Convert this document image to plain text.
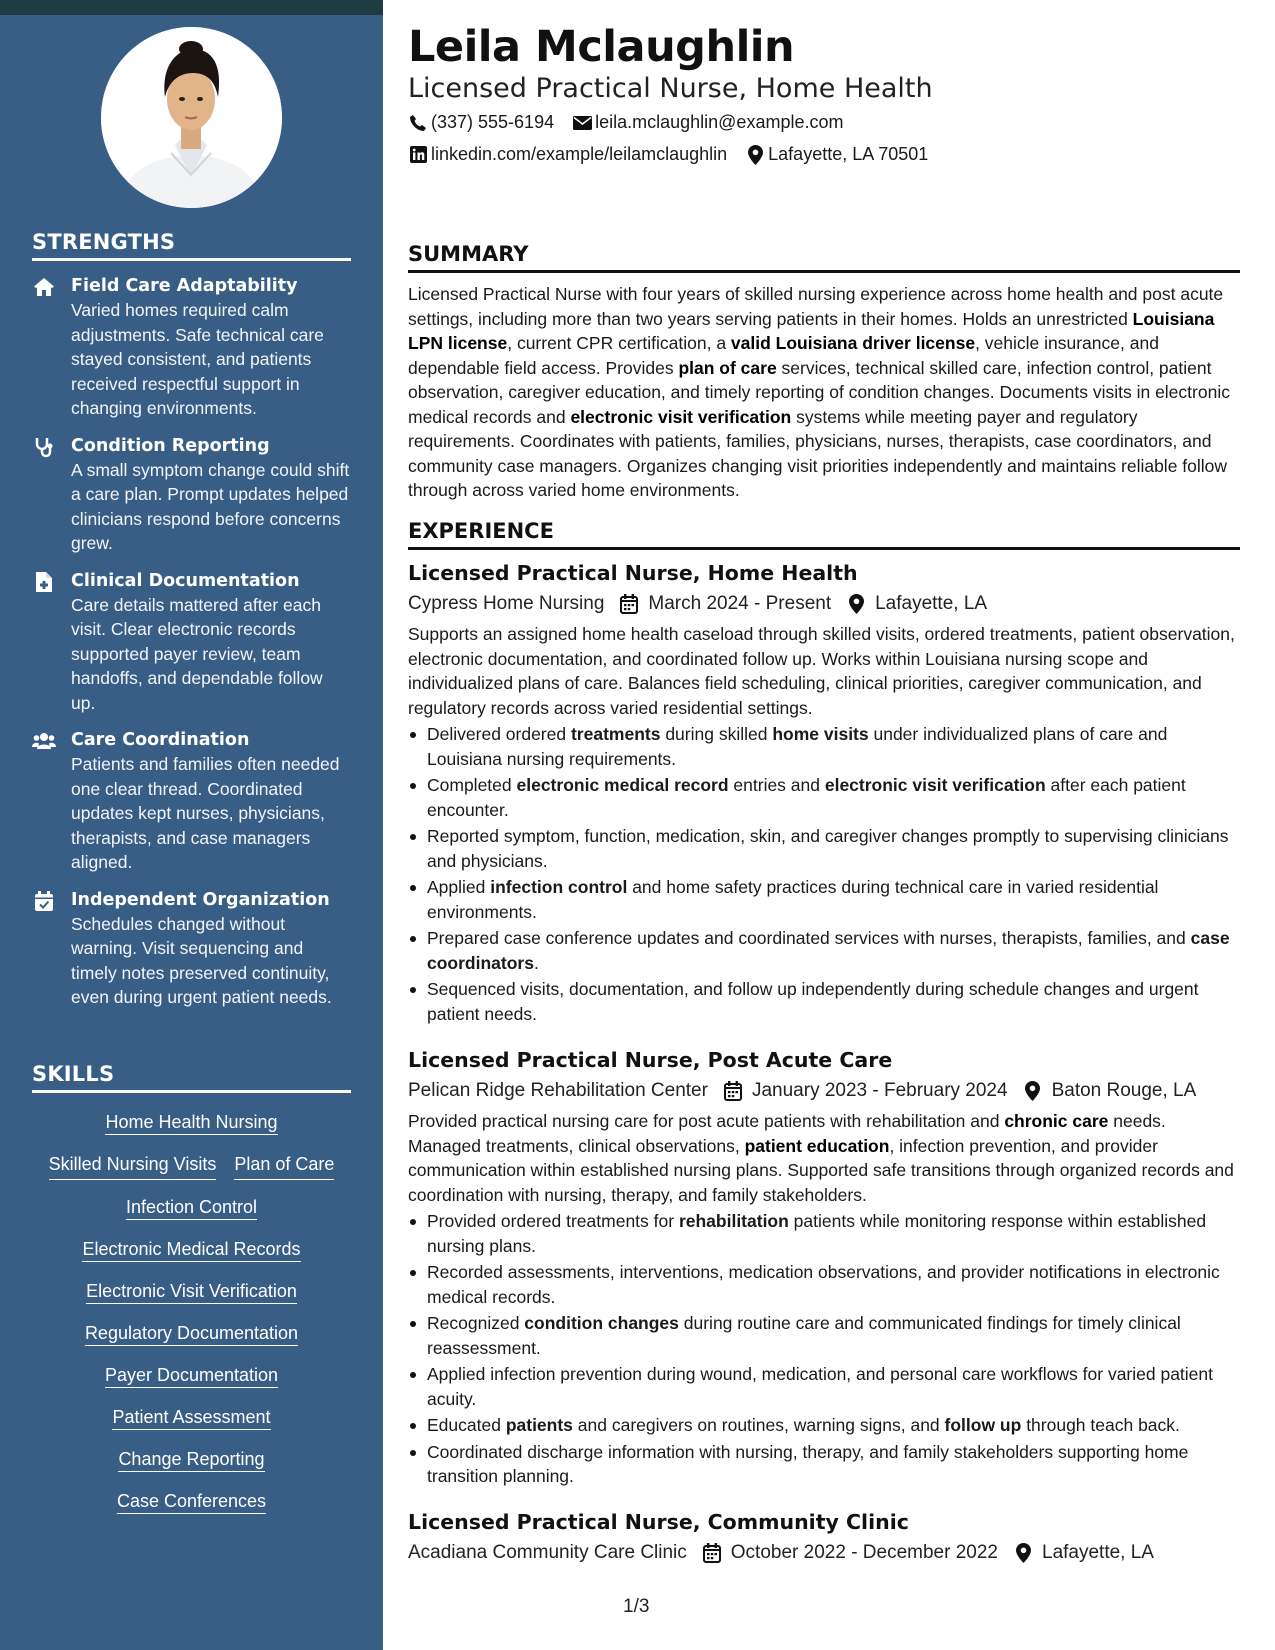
STRENGTHS
Field Care Adaptability
Varied homes required calm adjustments. Safe technical care stayed consistent, and patients received respectful support in changing environments.
Condition Reporting
A small symptom change could shift a care plan. Prompt updates helped clinicians respond before concerns grew.
Clinical Documentation
Care details mattered after each visit. Clear electronic records supported payer review, team handoffs, and dependable follow up.
Care Coordination
Patients and families often needed one clear thread. Coordinated updates kept nurses, physicians, therapists, and case managers aligned.
Independent Organization
Schedules changed without warning. Visit sequencing and timely notes preserved continuity, even during urgent patient needs.
SKILLS
Home Health Nursing
Skilled Nursing Visits Plan of Care
Infection Control
Electronic Medical Records
Electronic Visit Verification
Regulatory Documentation
Payer Documentation
Patient Assessment
Change Reporting
Case Conferences
Leila Mclaughlin
Licensed Practical Nurse, Home Health
(337) 555-6194 leila.mclaughlin@example.com
linkedin.com/example/leilamclaughlin Lafayette, LA 70501
SUMMARY
Licensed Practical Nurse with four years of skilled nursing experience across home health and post acute settings, including more than two years serving patients in their homes. Holds an unrestricted Louisiana LPN license, current CPR certification, a valid Louisiana driver license, vehicle insurance, and dependable field access. Provides plan of care services, technical skilled care, infection control, patient observation, caregiver education, and timely reporting of condition changes. Documents visits in electronic medical records and electronic visit verification systems while meeting payer and regulatory requirements. Coordinates with patients, families, physicians, nurses, therapists, case coordinators, and community case managers. Organizes changing visit priorities independently and maintains reliable follow through across varied home environments.
EXPERIENCE
Licensed Practical Nurse, Home Health
Cypress Home Nursing March 2024 - Present Lafayette, LA
Supports an assigned home health caseload through skilled visits, ordered treatments, patient observation, electronic documentation, and coordinated follow up. Works within Louisiana nursing scope and individualized plans of care. Balances field scheduling, clinical priorities, caregiver communication, and regulatory records across varied residential settings.
Delivered ordered treatments during skilled home visits under individualized plans of care and Louisiana nursing requirements.
Completed electronic medical record entries and electronic visit verification after each patient encounter.
Reported symptom, function, medication, skin, and caregiver changes promptly to supervising clinicians and physicians.
Applied infection control and home safety practices during technical care in varied residential environments.
Prepared case conference updates and coordinated services with nurses, therapists, families, and case coordinators.
Sequenced visits, documentation, and follow up independently during schedule changes and urgent patient needs.
Licensed Practical Nurse, Post Acute Care
Pelican Ridge Rehabilitation Center January 2023 - February 2024 Baton Rouge, LA
Provided practical nursing care for post acute patients with rehabilitation and chronic care needs. Managed treatments, clinical observations, patient education, infection prevention, and provider communication within established nursing plans. Supported safe transitions through organized records and coordination with nursing, therapy, and family stakeholders.
Provided ordered treatments for rehabilitation patients while monitoring response within established nursing plans.
Recorded assessments, interventions, medication observations, and provider notifications in electronic medical records.
Recognized condition changes during routine care and communicated findings for timely clinical reassessment.
Applied infection prevention during wound, medication, and personal care workflows for varied patient acuity.
Educated patients and caregivers on routines, warning signs, and follow up through teach back.
Coordinated discharge information with nursing, therapy, and family stakeholders supporting home transition planning.
Licensed Practical Nurse, Community Clinic
Acadiana Community Care Clinic October 2022 - December 2022 Lafayette, LA
1/3
